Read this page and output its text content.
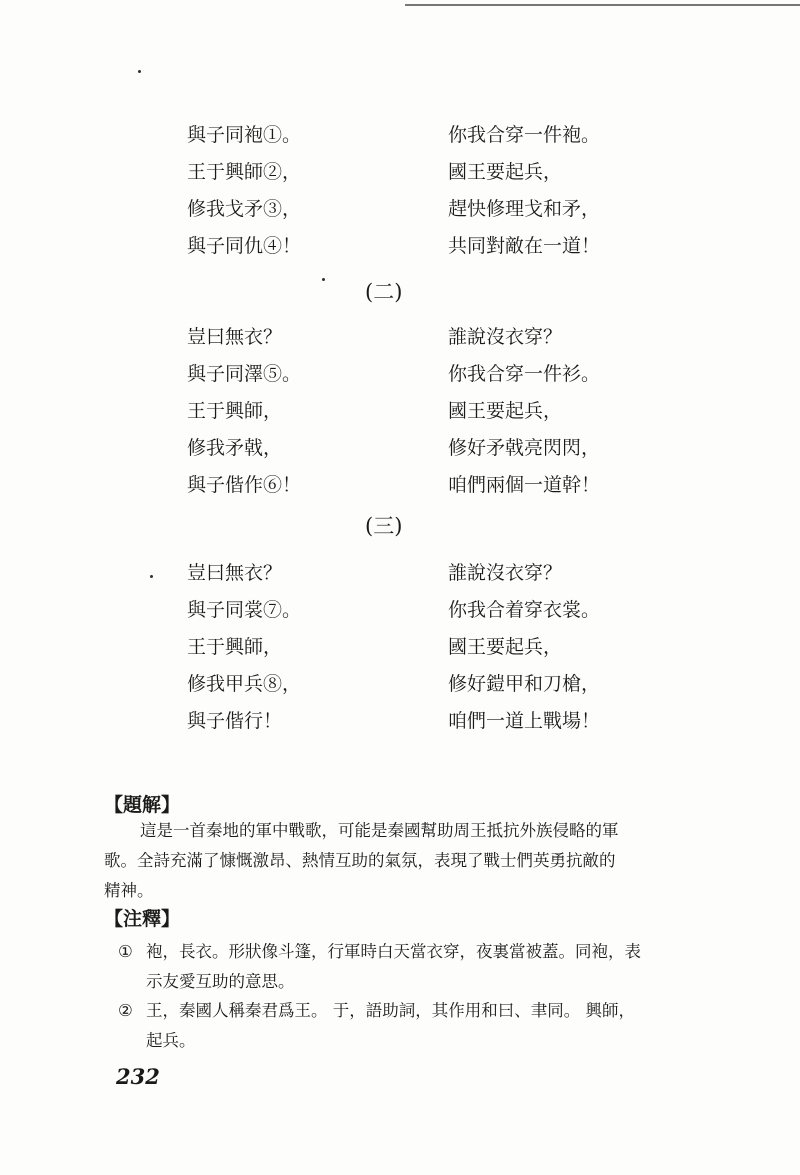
與子同袍①。	你我合穿一件袍。
王于興師②，	國王要起兵，
修我戈矛③，	趕快修理戈和矛，
與子同仇④！	共同對敵在一道！
(二)
豈曰無衣？	誰說沒衣穿？
與子同澤⑤。	你我合穿一件衫。
王于興師，	國王要起兵，
修我矛戟，	修好矛戟亮閃閃，
與子偕作⑥！	咱們兩個一道幹！
(三)
豈曰無衣？	誰說沒衣穿？
與子同裳⑦。	你我合着穿衣裳。
王于興師，	國王要起兵，
修我甲兵⑧，	修好鎧甲和刀槍，
與子偕行！	咱們一道上戰場！
【題解】
這是一首秦地的軍中戰歌，可能是秦國幫助周王抵抗外族侵略的軍
歌。全詩充滿了慷慨激昂、熱情互助的氣氛，表現了戰士們英勇抗敵的
精神。
【注釋】
① 袍，長衣。形狀像斗篷，行軍時白天當衣穿，夜裏當被蓋。同袍，表
示友愛互助的意思。
② 王，秦國人稱秦君爲王。 于，語助詞，其作用和曰、聿同。 興師，
起兵。
232
